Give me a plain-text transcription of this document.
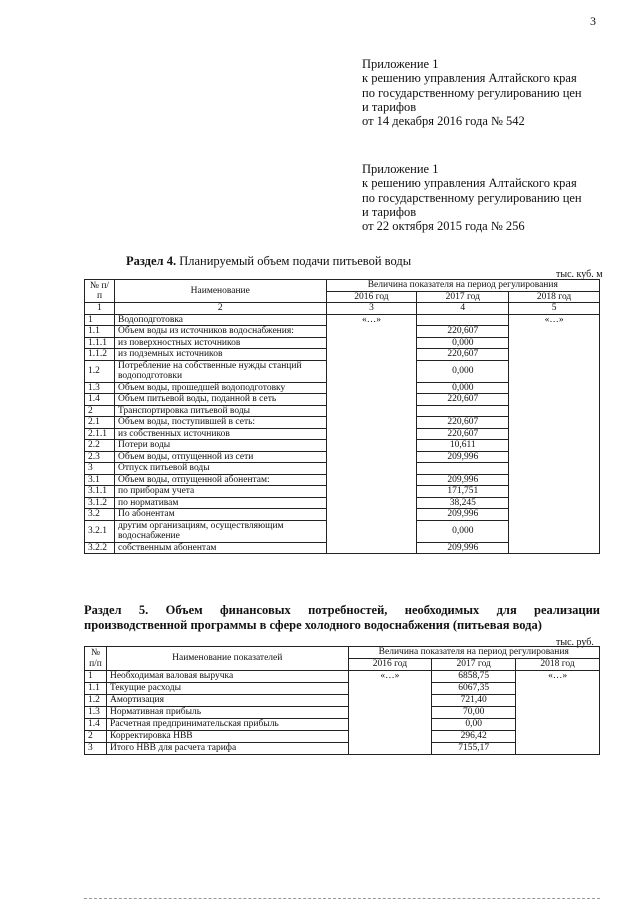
3
Приложение 1
к решению управления Алтайского края
по государственному регулированию цен
и тарифов
от 14 декабря 2016 года № 542
Приложение 1
к решению управления Алтайского края
по государственному регулированию цен
и тарифов
от 22 октября 2015 года № 256
Раздел 4. Планируемый объем подачи питьевой воды
тыс. куб. м
№ п/п	Наименование	Величина показателя на период регулирования		
		2016 год	2017 год	2018 год
1	2	3	4	5
1	Водоподготовка	«…»		«…»
1.1	Объем воды из источников водоснабжения:		220,607	
1.1.1	из поверхностных источников		0,000	
1.1.2	из подземных источников		220,607	
1.2	Потребление на собственные нужды станций водоподготовки		0,000	
1.3	Объем воды, прошедшей водоподготовку		0,000	
1.4	Объем питьевой воды, поданной в сеть		220,607	
2	Транспортировка питьевой воды			
2.1	Объем воды, поступившей в сеть:		220,607	
2.1.1	из собственных источников		220,607	
2.2	Потери воды		10,611	
2.3	Объем воды, отпущенной из сети		209,996	
3	Отпуск питьевой воды			
3.1	Объем воды, отпущенной абонентам:		209,996	
3.1.1	по приборам учета		171,751	
3.1.2	по нормативам		38,245	
3.2	По абонентам		209,996	
3.2.1	другим организациям, осуществляющим водоснабжение		0,000	
3.2.2	собственным абонентам		209,996	
Раздел 5. Объем финансовых потребностей, необходимых для реализации производственной программы в сфере холодного водоснабжения (питьевая вода)
тыс. руб.
№ п/п	Наименование показателей	Величина показателя на период регулирования		
		2016 год	2017 год	2018 год
1	Необходимая валовая выручка	«…»	6858,75	«…»
1.1	Текущие расходы		6067,35	
1.2	Амортизация		721,40	
1.3	Нормативная прибыль		70,00	
1.4	Расчетная предпринимательская прибыль		0,00	
2	Корректировка НВВ		296,42	
3	Итого НВВ для расчета тарифа		7155,17	
